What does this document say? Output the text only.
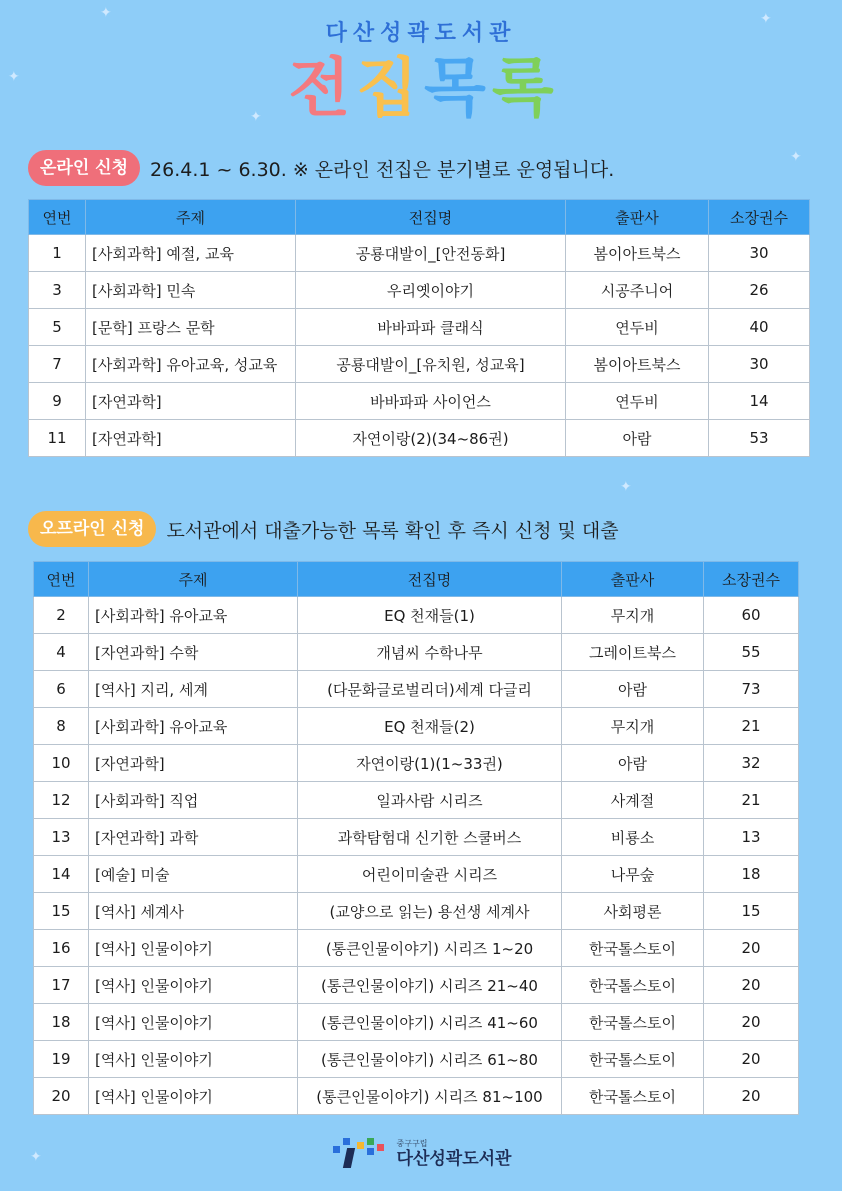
✦
✦
✦
✦
✦
✦
✦
다산성곽도서관
전 집 목 록
온라인 신청	26.4.1 ~ 6.30. ※ 온라인 전집은 분기별로 운영됩니다.
연번	주제	전집명	출판사	소장권수
1	[사회과학] 예절, 교육	공룡대발이_[안전동화]	봄이아트북스	30
3	[사회과학] 민속	우리옛이야기	시공주니어	26
5	[문학] 프랑스 문학	바바파파 클래식	연두비	40
7	[사회과학] 유아교육, 성교육	공룡대발이_[유치원, 성교육]	봄이아트북스	30
9	[자연과학]	바바파파 사이언스	연두비	14
11	[자연과학]	자연이랑(2)(34~86권)	아람	53
오프라인 신청	도서관에서 대출가능한 목록 확인 후 즉시 신청 및 대출
연번	주제	전집명	출판사	소장권수
2	[사회과학] 유아교육	EQ 천재들(1)	무지개	60
4	[자연과학] 수학	개념씨 수학나무	그레이트북스	55
6	[역사] 지리, 세계	(다문화글로벌리더)세계 다글리	아람	73
8	[사회과학] 유아교육	EQ 천재들(2)	무지개	21
10	[자연과학]	자연이랑(1)(1~33권)	아람	32
12	[사회과학] 직업	일과사람 시리즈	사계절	21
13	[자연과학] 과학	과학탐험대 신기한 스쿨버스	비룡소	13
14	[예술] 미술	어린이미술관 시리즈	나무숲	18
15	[역사] 세계사	(교양으로 읽는) 용선생 세계사	사회평론	15
16	[역사] 인물이야기	(통큰인물이야기) 시리즈 1~20	한국톨스토이	20
17	[역사] 인물이야기	(통큰인물이야기) 시리즈 21~40	한국톨스토이	20
18	[역사] 인물이야기	(통큰인물이야기) 시리즈 41~60	한국톨스토이	20
19	[역사] 인물이야기	(통큰인물이야기) 시리즈 61~80	한국톨스토이	20
20	[역사] 인물이야기	(통큰인물이야기) 시리즈 81~100	한국톨스토이	20
중구구립
다산성곽도서관
